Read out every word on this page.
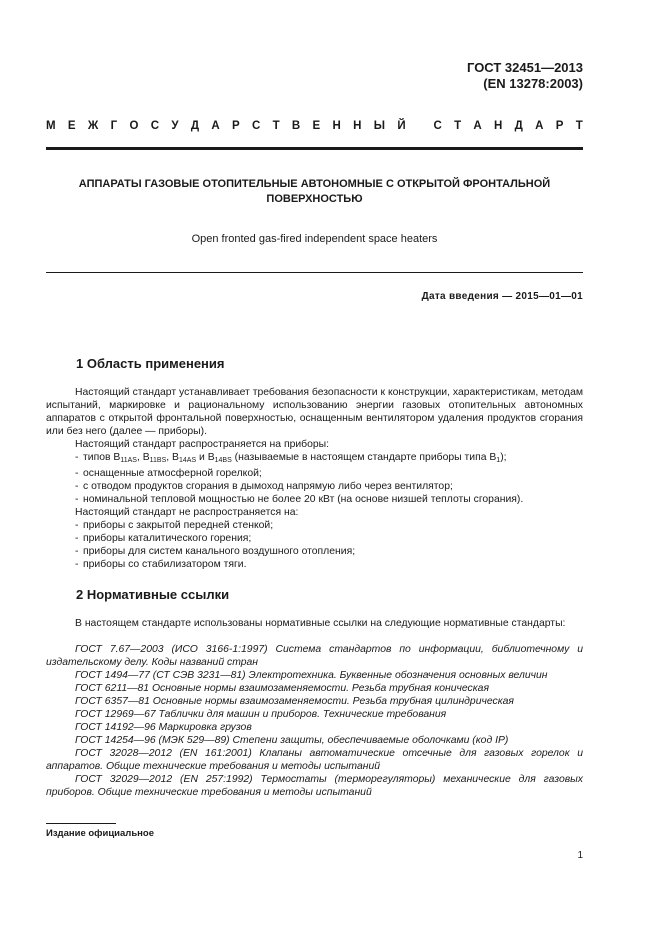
ГОСТ 32451—2013
(EN 13278:2003)
М Е Ж Г О С У Д А Р С Т В Е Н Н Ы Й
С Т А Н Д А Р Т
АППАРАТЫ ГАЗОВЫЕ ОТОПИТЕЛЬНЫЕ АВТОНОМНЫЕ С ОТКРЫТОЙ ФРОНТАЛЬНОЙ
ПОВЕРХНОСТЬЮ
Open fronted gas-fired independent space heaters
Дата введения — 2015—01—01
1 Область применения

Настоящий стандарт устанавливает требования безопасности к конструкции, характеристикам, методам испытаний, маркировке и рациональному использованию энергии газовых отопительных автономных аппаратов с открытой фронтальной поверхностью, оснащенным вентилятором удаления продуктов сгорания или без него (далее — приборы).

Настоящий стандарт распространяется на приборы:

- типов $B_{11AS}$, $B_{11BS}$, $B_{14AS}$ и $B_{14BS}$ (называемые в настоящем стандарте приборы типа $B_1$);

- оснащенные атмосферной горелкой;

- с отводом продуктов сгорания в дымоход напрямую либо через вентилятор;

- номинальной тепловой мощностью не более 20 кВт (на основе низшей теплоты сгорания).

Настоящий стандарт не распространяется на:

- приборы с закрытой передней стенкой;

- приборы каталитического горения;

- приборы для систем канального воздушного отопления;

- приборы со стабилизатором тяги.

2 Нормативные ссылки

В настоящем стандарте использованы нормативные ссылки на следующие нормативные стандарты:

ГОСТ 7.67—2003 (ИСО 3166-1:1997) Система стандартов по информации, библиотечному и издательскому делу. Коды названий стран

ГОСТ 1494—77 (СТ СЭВ 3231—81) Электротехника. Буквенные обозначения основных величин

ГОСТ 6211—81 Основные нормы взаимозаменяемости. Резьба трубная коническая

ГОСТ 6357—81 Основные нормы взаимозаменяемости. Резьба трубная цилиндрическая

ГОСТ 12969—67 Таблички для машин и приборов. Технические требования

ГОСТ 14192—96 Маркировка грузов

ГОСТ 14254—96 (МЭК 529—89) Степени защиты, обеспечиваемые оболочками (код IP)

ГОСТ 32028—2012 (EN 161:2001) Клапаны автоматические отсечные для газовых горелок и аппаратов. Общие технические требования и методы испытаний

ГОСТ 32029—2012 (EN 257:1992) Термостаты (терморегуляторы) механические для газовых приборов. Общие технические требования и методы испытаний

Издание официальное
1
